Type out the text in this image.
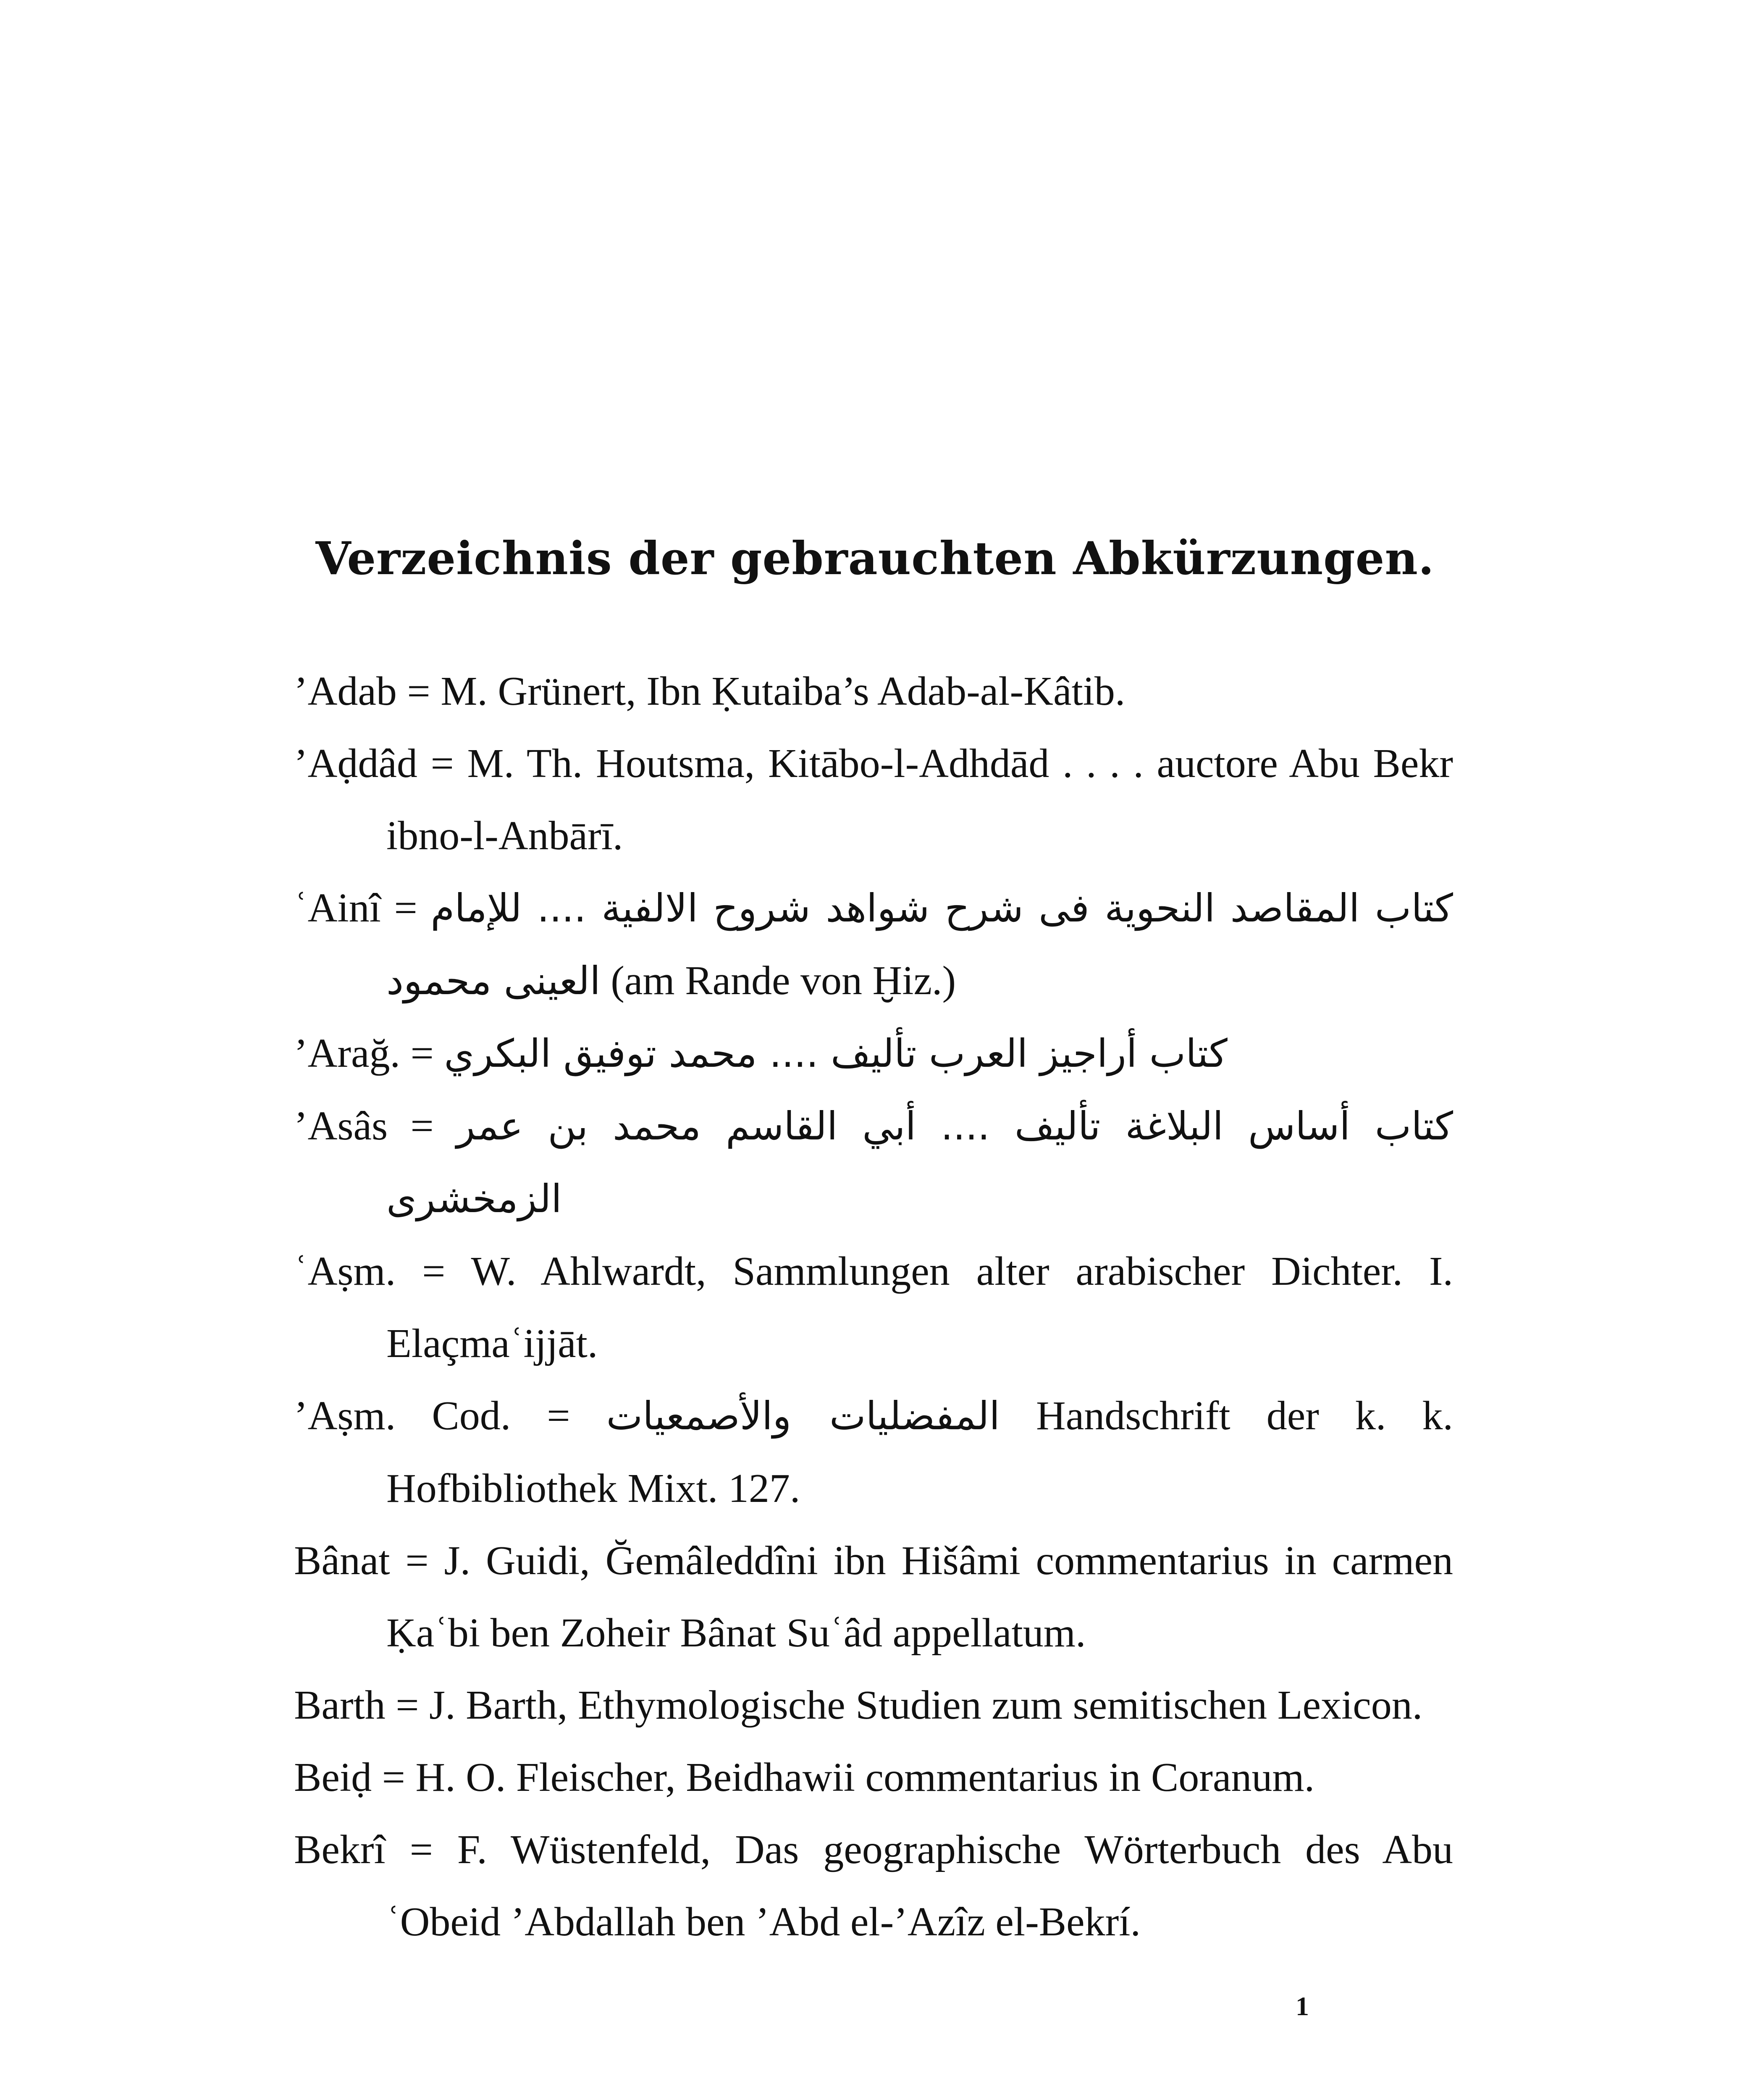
Verzeichnis der gebrauchten Abkürzungen.

’Adab = M. Grünert, Ibn Ḳutaiba’s Adab-al-Kâtib.

’Aḍdâd = M. Th. Houtsma, Kitābo-l-Adhdād . . . . auctore Abu Bekr ibno-l-Anbārī.

ʿAinî = كتاب المقاصد النحوية فى شرح شواهد شروح الالفية .... للإمام العينى محمود (am Rande von Ḫiz.)

’Arağ. = كتاب أراجيز العرب تأليف .... محمد توفيق البكري

’Asâs = كتاب أساس البلاغة تأليف .... أبي القاسم محمد بن عمر الزمخشرى

ʿAṣm. = W. Ahlwardt, Sammlungen alter arabischer Dichter. I. Elaçmaʿijjāt.

’Aṣm. Cod. = المفضليات والأصمعيات Handschrift der k. k. Hofbibliothek Mixt. 127.

Bânat = J. Guidi, Ğemâleddîni ibn Hišâmi commentarius in carmen Ḳaʿbi ben Zoheir Bânat Suʿâd appellatum.

Barth = J. Barth, Ethymologische Studien zum semitischen Lexicon.

Beiḍ = H. O. Fleischer, Beidhawii commentarius in Coranum.

Bekrî = F. Wüstenfeld, Das geographische Wörterbuch des Abu ʿObeid ’Abdallah ben ’Abd el-’Azîz el-Bekrí.

1
